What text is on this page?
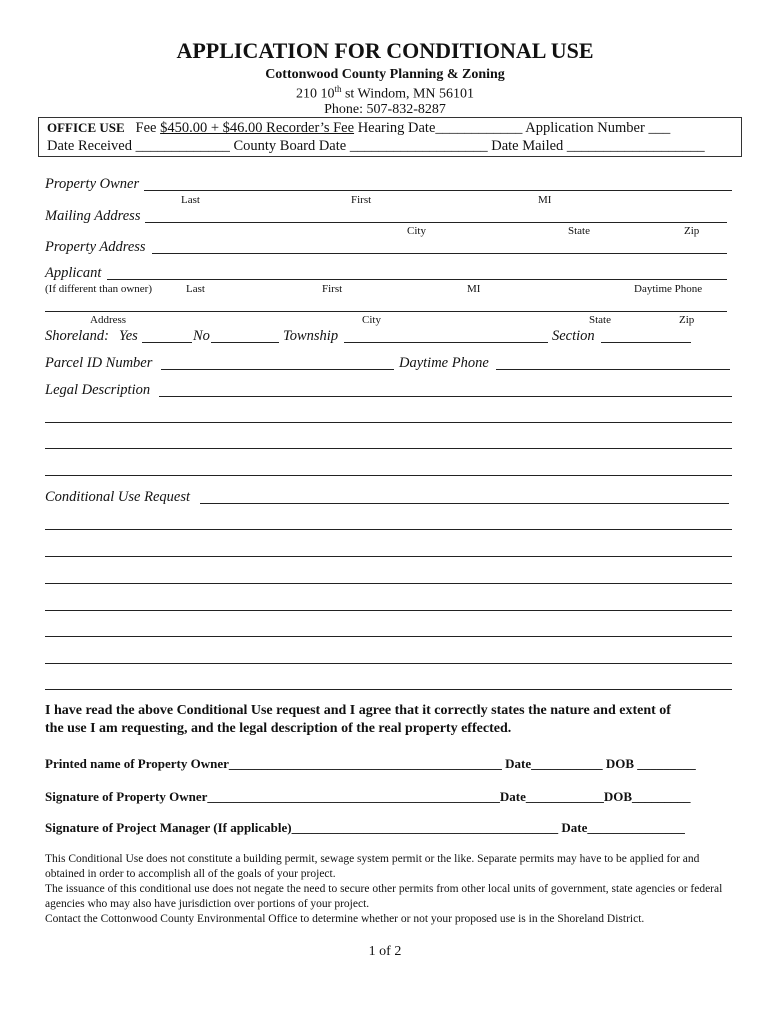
APPLICATION FOR CONDITIONAL USE
Cottonwood County Planning & Zoning
210 10th st Windom, MN 56101
Phone: 507-832-8287
OFFICE USE Fee $450.00 + $46.00 Recorder’s Fee Hearing Date____________ Application Number ___
Date Received _____________ County Board Date ___________________ Date Mailed ___________________
Property Owner
Last	First	MI
Mailing Address
City	State	Zip
Property Address
Applicant
(If different than owner)	Last	First	MI	Daytime Phone
Address	City	State	Zip
Shoreland: Yes	No	Township	Section
Parcel ID Number	Daytime Phone
Legal Description
Conditional Use Request
I have read the above Conditional Use request and I agree that it correctly states the nature and extent of
the use I am requesting, and the legal description of the real property effected.
Printed name of Property Owner__________________________________________ Date___________ DOB _________
Signature of Property Owner_____________________________________________Date____________DOB_________
Signature of Project Manager (If applicable)_________________________________________ Date_______________
This Conditional Use does not constitute a building permit, sewage system permit or the like. Separate permits may have to be applied for and obtained in order to accomplish all of the goals of your project.
The issuance of this conditional use does not negate the need to secure other permits from other local units of government, state agencies or federal agencies who may also have jurisdiction over portions of your project.
Contact the Cottonwood County Environmental Office to determine whether or not your proposed use is in the Shoreland District.
1 of 2
